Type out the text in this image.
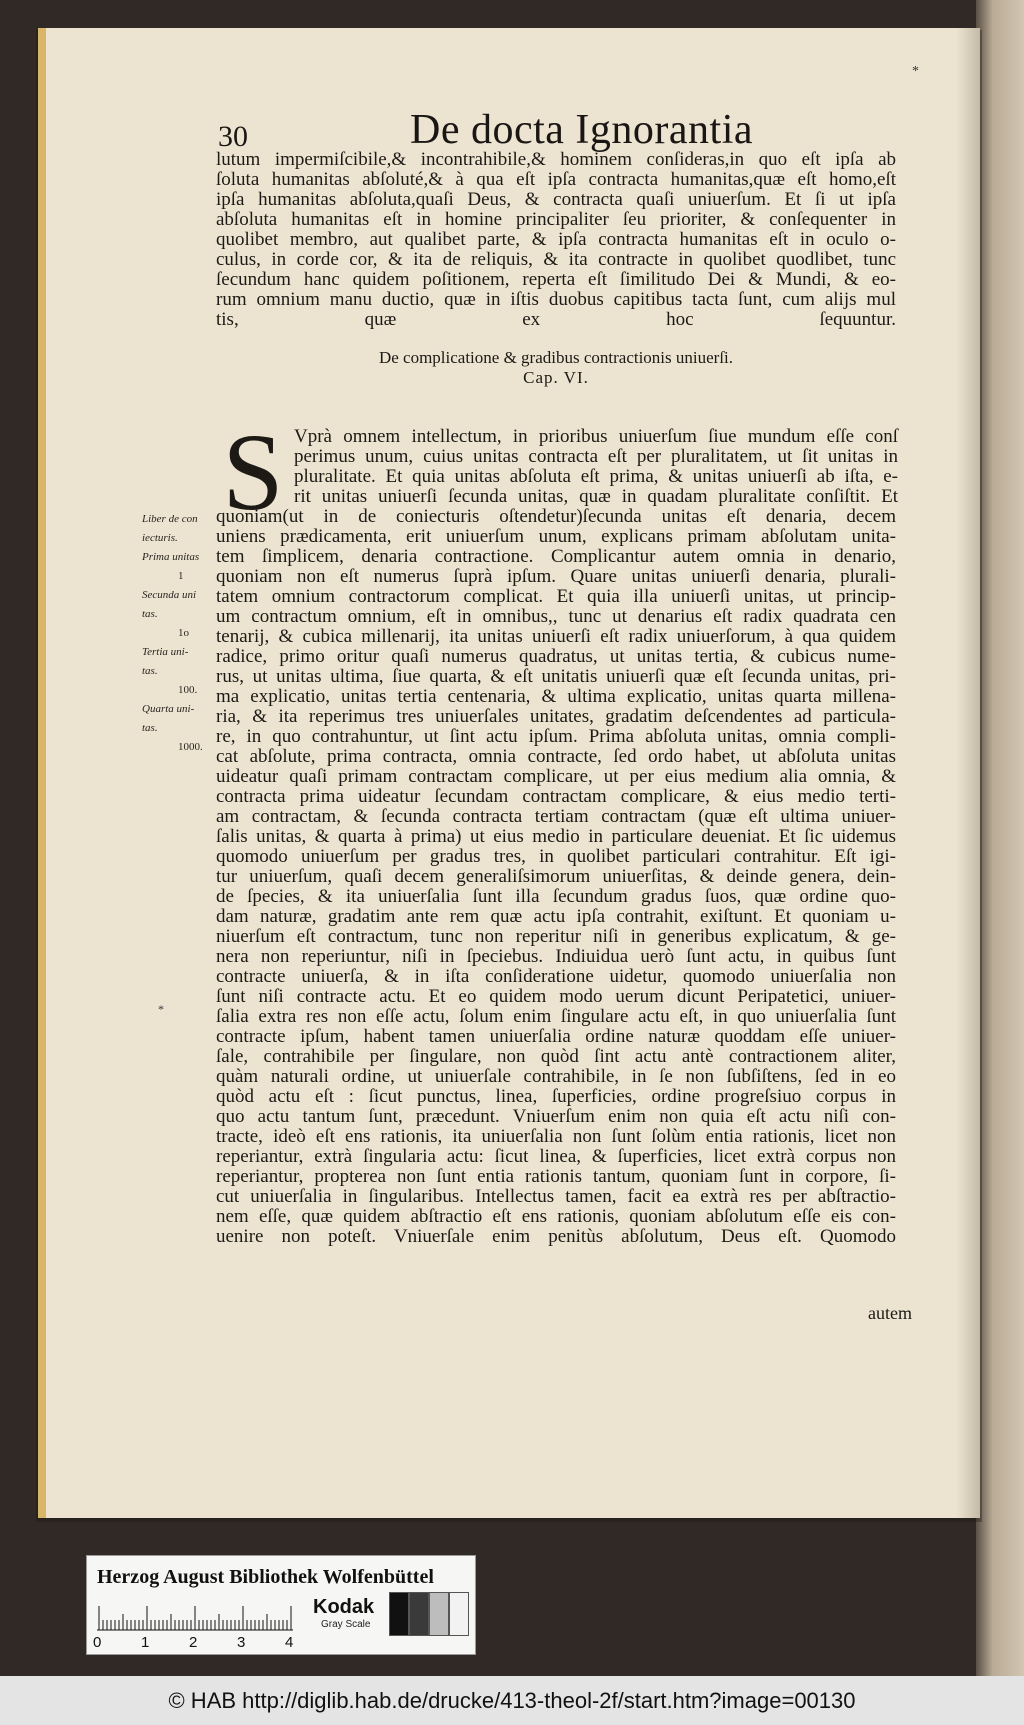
*
30	De docta Ignorantia
lutum impermiſcibile,& incontrahibile,& hominem conſideras,in quo eſt ipſa ab
ſoluta humanitas abſoluté,& à qua eſt ipſa contracta humanitas,quæ eſt homo,eſt
ipſa humanitas abſoluta,quaſi Deus, & contracta quaſi uniuerſum. Et ſi ut ipſa
abſoluta humanitas eſt in homine principaliter ſeu prioriter, & conſequenter in
quolibet membro, aut qualibet parte, & ipſa contracta humanitas eſt in oculo o-
culus, in corde cor, & ita de reliquis, & ita contracte in quolibet quodlibet, tunc
ſecundum hanc quidem poſitionem, reperta eſt ſimilitudo Dei & Mundi, & eo-
rum omnium manu ductio, quæ in iſtis duobus capitibus tacta ſunt, cum alijs mul
tis, quæ ex hoc ſequuntur.
De complicatione & gradibus contractionis uniuerſi.
Cap. VI.
S Vprà omnem intellectum, in prioribus uniuerſum ſiue mundum eſſe conſ
perimus unum, cuius unitas contracta eſt per pluralitatem, ut ſit unitas in
pluralitate. Et quia unitas abſoluta eſt prima, & unitas uniuerſi ab iſta, e-
rit unitas uniuerſi ſecunda unitas, quæ in quadam pluralitate conſiſtit. Et
quoniam(ut in de coniecturis oſtendetur)ſecunda unitas eſt denaria, decem
uniens prædicamenta, erit uniuerſum unum, explicans primam abſolutam unita-
tem ſimplicem, denaria contractione. Complicantur autem omnia in denario,
quoniam non eſt numerus ſuprà ipſum. Quare unitas uniuerſi denaria, plurali-
tatem omnium contractorum complicat. Et quia illa uniuerſi unitas, ut princip-
um contractum omnium, eſt in omnibus,, tunc ut denarius eſt radix quadrata cen
tenarij, & cubica millenarij, ita unitas uniuerſi eſt radix uniuerſorum, à qua quidem
radice, primo oritur quaſi numerus quadratus, ut unitas tertia, & cubicus nume-
rus, ut unitas ultima, ſiue quarta, & eſt unitatis uniuerſi quæ eſt ſecunda unitas, pri-
ma explicatio, unitas tertia centenaria, & ultima explicatio, unitas quarta millena-
ria, & ita reperimus tres uniuerſales unitates, gradatim deſcendentes ad particula-
re, in quo contrahuntur, ut ſint actu ipſum. Prima abſoluta unitas, omnia compli-
cat abſolute, prima contracta, omnia contracte, ſed ordo habet, ut abſoluta unitas
uideatur quaſi primam contractam complicare, ut per eius medium alia omnia, &
contracta prima uideatur ſecundam contractam complicare, & eius medio terti-
am contractam, & ſecunda contracta tertiam contractam (quæ eſt ultima uniuer-
ſalis unitas, & quarta à prima) ut eius medio in particulare deueniat. Et ſic uidemus
quomodo uniuerſum per gradus tres, in quolibet particulari contrahitur. Eſt igi-
tur uniuerſum, quaſi decem generaliſsimorum uniuerſitas, & deinde genera, dein-
de ſpecies, & ita uniuerſalia ſunt illa ſecundum gradus ſuos, quæ ordine quo-
dam naturæ, gradatim ante rem quæ actu ipſa contrahit, exiſtunt. Et quoniam u-
niuerſum eſt contractum, tunc non reperitur niſi in generibus explicatum, & ge-
nera non reperiuntur, niſi in ſpeciebus. Indiuidua uerò ſunt actu, in quibus ſunt
contracte uniuerſa, & in iſta conſideratione uidetur, quomodo uniuerſalia non
ſunt niſi contracte actu. Et eo quidem modo uerum dicunt Peripatetici, uniuer-
ſalia extra res non eſſe actu, ſolum enim ſingulare actu eſt, in quo uniuerſalia ſunt
contracte ipſum, habent tamen uniuerſalia ordine naturæ quoddam eſſe uniuer-
ſale, contrahibile per ſingulare, non quòd ſint actu antè contractionem aliter,
quàm naturali ordine, ut uniuerſale contrahibile, in ſe non ſubſiſtens, ſed in eo
quòd actu eſt : ſicut punctus, linea, ſuperficies, ordine progreſsiuo corpus in
quo actu tantum ſunt, præcedunt. Vniuerſum enim non quia eſt actu niſi con-
tracte, ideò eſt ens rationis, ita uniuerſalia non ſunt ſolùm entia rationis, licet non
reperiantur, extrà ſingularia actu: ſicut linea, & ſuperficies, licet extrà corpus non
reperiantur, propterea non ſunt entia rationis tantum, quoniam ſunt in corpore, ſi-
cut uniuerſalia in ſingularibus. Intellectus tamen, facit ea extrà res per abſtractio-
nem eſſe, quæ quidem abſtractio eſt ens rationis, quoniam abſolutum eſſe eis con-
uenire non poteſt. Vniuerſale enim penitùs abſolutum, Deus eſt. Quomodo
Liber de con
iecturis.
Prima unitas
1
Secunda uni
tas.
1o
Tertia uni-
tas.
100.
Quarta uni-
tas.
1000.
autem
*
Herzog August Bibliothek Wolfenbüttel
0	1	2	3	4
Kodak
Gray Scale
© HAB http://diglib.hab.de/drucke/413-theol-2f/start.htm?image=00130
